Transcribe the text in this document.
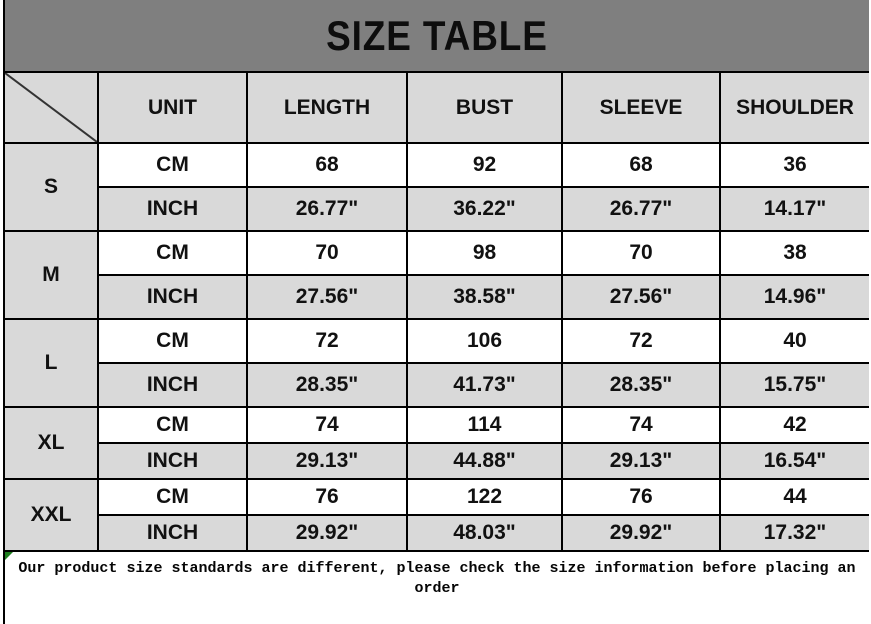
SIZE TABLE
	UNIT	LENGTH	BUST	SLEEVE	SHOULDER
S	CM	68	92	68	36
	INCH	26.77"	36.22"	26.77"	14.17"
M	CM	70	98	70	38
	INCH	27.56"	38.58"	27.56"	14.96"
L	CM	72	106	72	40
	INCH	28.35"	41.73"	28.35"	15.75"
XL	CM	74	114	74	42
	INCH	29.13"	44.88"	29.13"	16.54"
XXL	CM	76	122	76	44
	INCH	29.92"	48.03"	29.92"	17.32"
Our product size standards are different, please check the size information before placing an order
